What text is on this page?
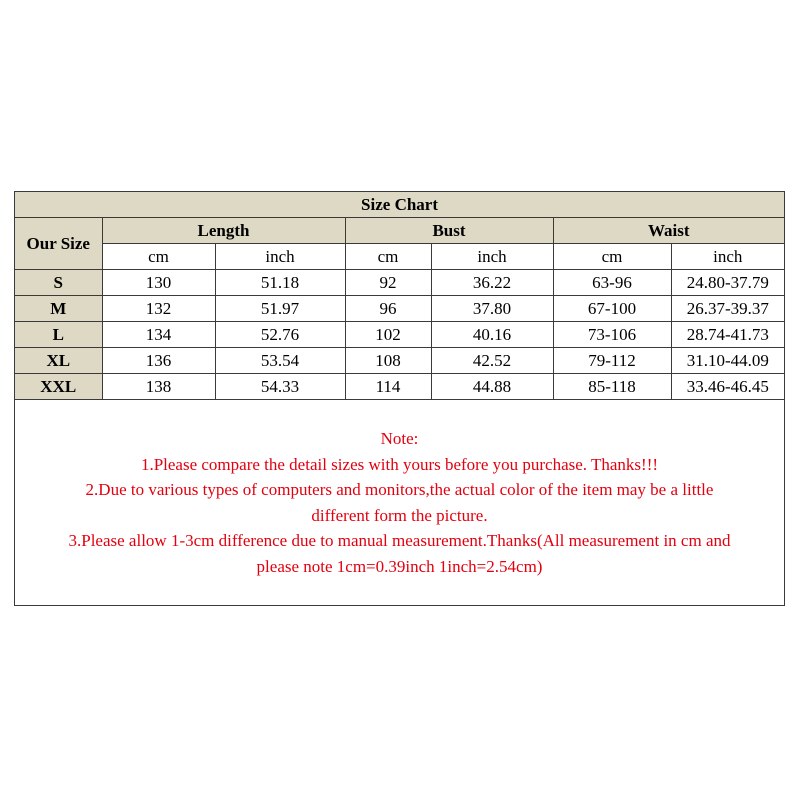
Size Chart						
Our Size	Length		Bust		Waist	
	cm	inch	cm	inch	cm	inch
S	130	51.18	92	36.22	63-96	24.80-37.79
M	132	51.97	96	37.80	67-100	26.37-39.37
L	134	52.76	102	40.16	73-106	28.74-41.73
XL	136	53.54	108	42.52	79-112	31.10-44.09
XXL	138	54.33	114	44.88	85-118	33.46-46.45
Note:
1.Please compare the detail sizes with yours before you purchase. Thanks!!!
2.Due to various types of computers and monitors,the actual color of the item may be a little
different form the picture.
3.Please allow 1-3cm difference due to manual measurement.Thanks(All measurement in cm and
please note 1cm=0.39inch 1inch=2.54cm)
